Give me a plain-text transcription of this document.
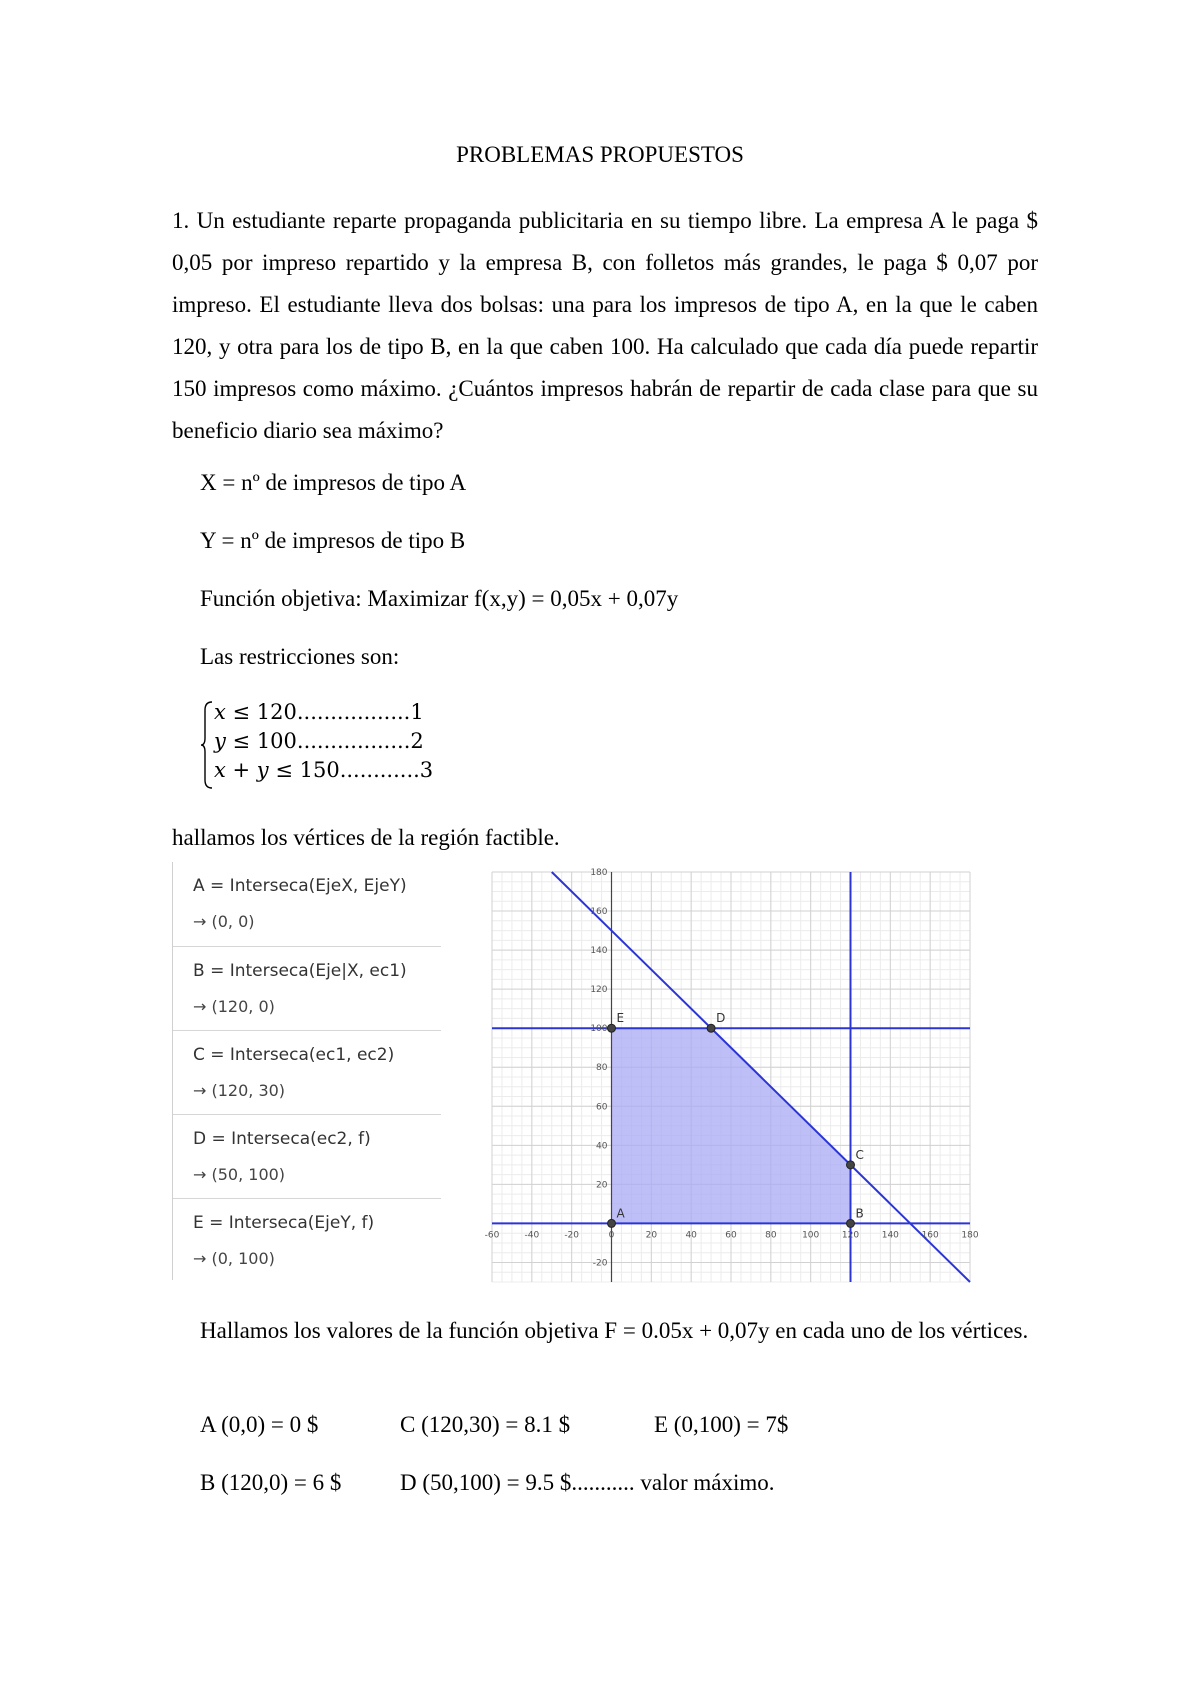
PROBLEMAS PROPUESTOS

1. Un estudiante reparte propaganda publicitaria en su tiempo libre. La empresa A le paga $ 0,05 por impreso repartido y la empresa B, con folletos más grandes, le paga $ 0,07 por impreso. El estudiante lleva dos bolsas: una para los impresos de tipo A, en la que le caben 120, y otra para los de tipo B, en la que caben 100. Ha calculado que cada día puede repartir 150 impresos como máximo. ¿Cuántos impresos habrán de repartir de cada clase para que su beneficio diario sea máximo?

X = nº de impresos de tipo A

Y = nº de impresos de tipo B

Función objetiva: Maximizar f(x,y) = 0,05x + 0,07y

Las restricciones son:

x ≤ 120.................1
y ≤ 100.................2
x + y ≤ 150............3

hallamos los vértices de la región factible.

A = Interseca(EjeX, EjeY)
→ (0, 0)
B = Interseca(Eje|X, ec1)
→ (120, 0)
C = Interseca(ec1, ec2)
→ (120, 30)
D = Interseca(ec2, f)
→ (50, 100)
E = Interseca(EjeY, f)
→ (0, 100)
-60	-40	-20	0	20	40	60	80	100	120	140	160	180
-20
20
40
60
80
100
120
140
160
180
A	B
C
D
E

Hallamos los valores de la función objetiva F = 0.05x + 0,07y en cada uno de los vértices.

A (0,0) = 0 $	C (120,30) = 8.1 $	E (0,100) = 7$
B (120,0) = 6 $	D (50,100) = 9.5 $........... valor máximo.
